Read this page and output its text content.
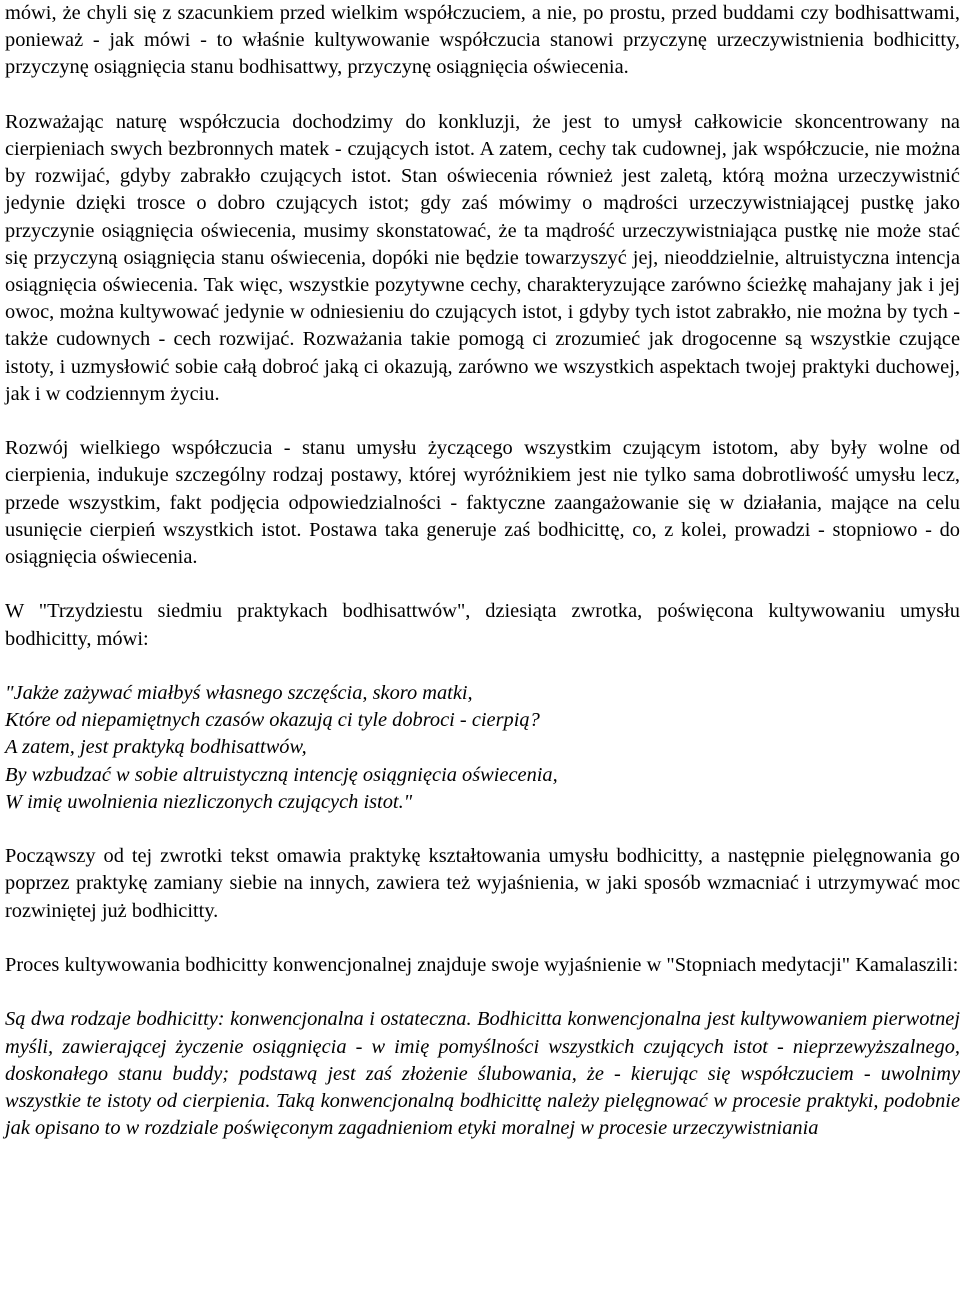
mówi, że chyli się z szacunkiem przed wielkim współczuciem, a nie, po prostu, przed buddami czy bodhisattwami, ponieważ - jak mówi - to właśnie kultywowanie współczucia stanowi przyczynę urzeczywistnienia bodhicitty, przyczynę osiągnięcia stanu bodhisattwy, przyczynę osiągnięcia oświecenia.

Rozważając naturę współczucia dochodzimy do konkluzji, że jest to umysł całkowicie skoncentrowany na cierpieniach swych bezbronnych matek - czujących istot. A zatem, cechy tak cudownej, jak współczucie, nie można by rozwijać, gdyby zabrakło czujących istot. Stan oświecenia również jest zaletą, którą można urzeczywistnić jedynie dzięki trosce o dobro czujących istot; gdy zaś mówimy o mądrości urzeczywistniającej pustkę jako przyczynie osiągnięcia oświecenia, musimy skonstatować, że ta mądrość urzeczywistniająca pustkę nie może stać się przyczyną osiągnięcia stanu oświecenia, dopóki nie będzie towarzyszyć jej, nieoddzielnie, altruistyczna intencja osiągnięcia oświecenia. Tak więc, wszystkie pozytywne cechy, charakteryzujące zarówno ścieżkę mahajany jak i jej owoc, można kultywować jedynie w odniesieniu do czujących istot, i gdyby tych istot zabrakło, nie można by tych - także cudownych - cech rozwijać. Rozważania takie pomogą ci zrozumieć jak drogocenne są wszystkie czujące istoty, i uzmysłowić sobie całą dobroć jaką ci okazują, zarówno we wszystkich aspektach twojej praktyki duchowej, jak i w codziennym życiu.

Rozwój wielkiego współczucia - stanu umysłu życzącego wszystkim czującym istotom, aby były wolne od cierpienia, indukuje szczególny rodzaj postawy, której wyróżnikiem jest nie tylko sama dobrotliwość umysłu lecz, przede wszystkim, fakt podjęcia odpowiedzialności - faktyczne zaangażowanie się w działania, mające na celu usunięcie cierpień wszystkich istot. Postawa taka generuje zaś bodhicittę, co, z kolei, prowadzi - stopniowo - do osiągnięcia oświecenia.

W "Trzydziestu siedmiu praktykach bodhisattwów", dziesiąta zwrotka, poświęcona kultywowaniu umysłu bodhicitty, mówi:

"Jakże zażywać miałbyś własnego szczęścia, skoro matki,

Które od niepamiętnych czasów okazują ci tyle dobroci - cierpią?

A zatem, jest praktyką bodhisattwów,

By wzbudzać w sobie altruistyczną intencję osiągnięcia oświecenia,

W imię uwolnienia niezliczonych czujących istot."

Począwszy od tej zwrotki tekst omawia praktykę kształtowania umysłu bodhicitty, a następnie pielęgnowania go poprzez praktykę zamiany siebie na innych, zawiera też wyjaśnienia, w jaki sposób wzmacniać i utrzymywać moc rozwiniętej już bodhicitty.

Proces kultywowania bodhicitty konwencjonalnej znajduje swoje wyjaśnienie w "Stopniach medytacji" Kamalaszili:

Są dwa rodzaje bodhicitty: konwencjonalna i ostateczna. Bodhicitta konwencjonalna jest kultywowaniem pierwotnej myśli, zawierającej życzenie osiągnięcia - w imię pomyślności wszystkich czujących istot - nieprzewyższalnego, doskonałego stanu buddy; podstawą jest zaś złożenie ślubowania, że - kierując się współczuciem - uwolnimy wszystkie te istoty od cierpienia. Taką konwencjonalną bodhicittę należy pielęgnować w procesie praktyki, podobnie jak opisano to w rozdziale poświęconym zagadnieniom etyki moralnej w procesie urzeczywistniania
